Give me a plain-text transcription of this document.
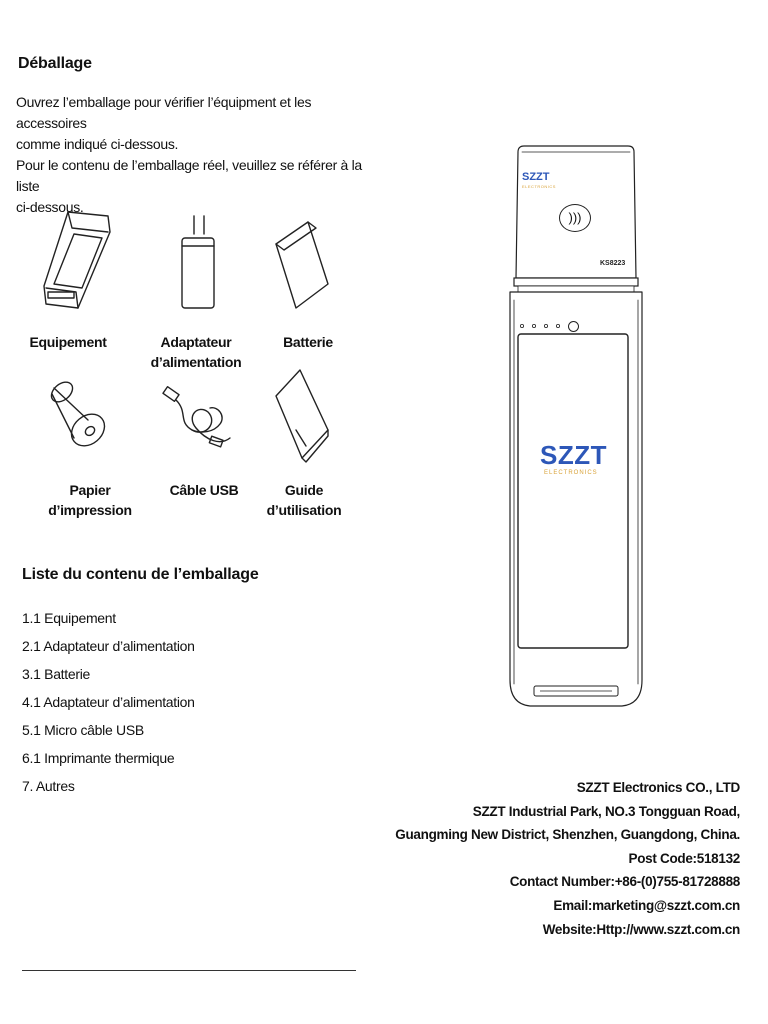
Déballage
Ouvrez l’emballage pour vérifier l’équipment et les accessoires
comme indiqué ci-dessous.
Pour le contenu de l’emballage réel, veuillez se référer à la liste
ci-dessous.
Equipement	Adaptateur
d’alimentation
Batterie
Papier
d’impression
Câble USB	Guide
d’utilisation
Liste du contenu de l’emballage
1.1 Equipement
2.1 Adaptateur d’alimentation
3.1 Batterie
4.1 Adaptateur d’alimentation
5.1 Micro câble USB
6.1 Imprimante thermique
7. Autres
)))
SZZT
ELECTRONICS
KS8223
SZZT
ELECTRONICS
SZZT Electronics CO., LTD
SZZT Industrial Park, NO.3 Tongguan Road,
Guangming New District, Shenzhen, Guangdong, China.
Post Code:518132
Contact Number:+86-(0)755-81728888
Email:marketing@szzt.com.cn
Website:Http://www.szzt.com.cn
